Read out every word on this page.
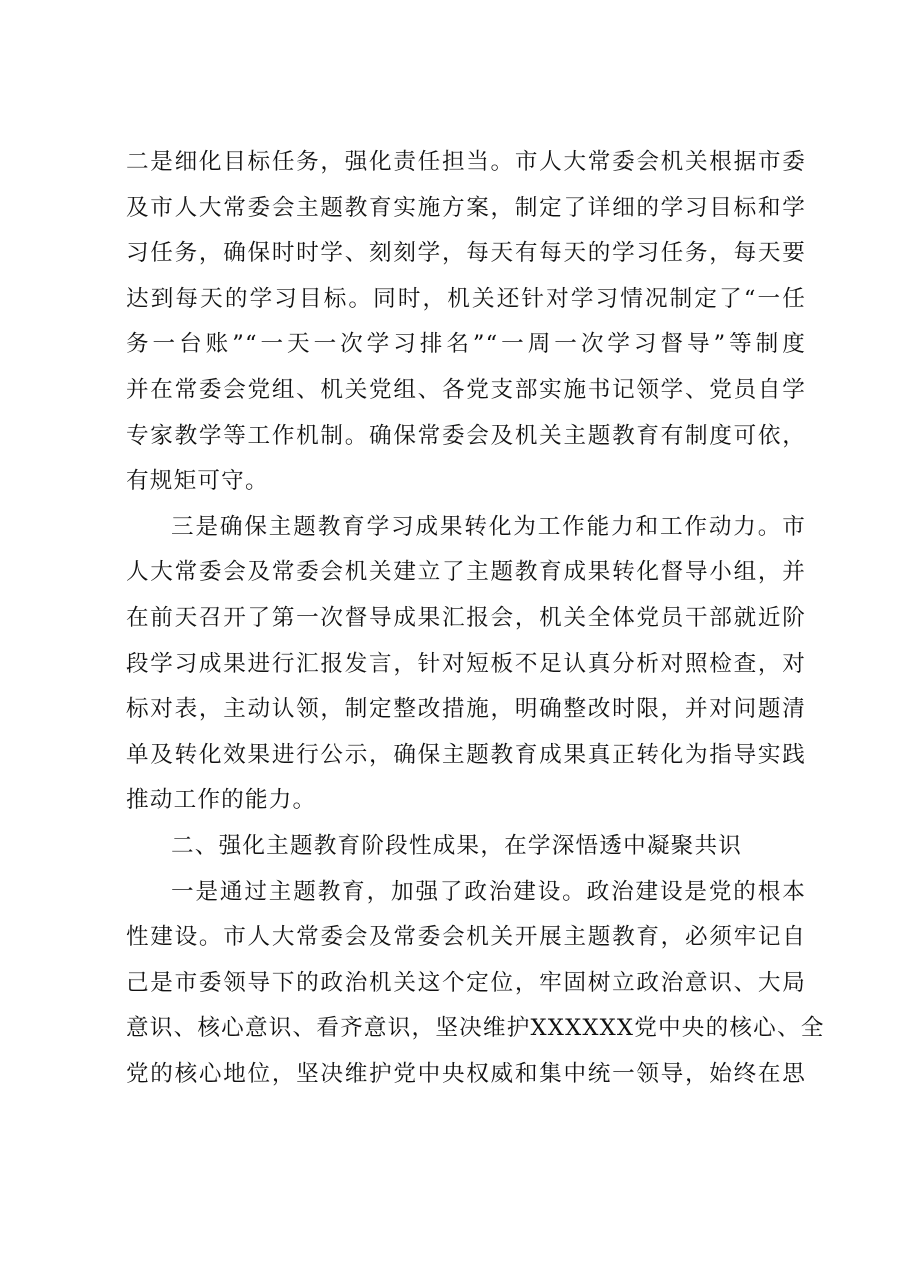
二是细化目标任务，强化责任担当。市人大常委会机关根据市委
及市人大常委会主题教育实施方案，制定了详细的学习目标和学
习任务，确保时时学、刻刻学，每天有每天的学习任务，每天要
达到每天的学习目标。同时，机关还针对学习情况制定了“一任
务一台账”“一天一次学习排名”“一周一次学习督导”等制度
并在常委会党组、机关党组、各党支部实施书记领学、党员自学
专家教学等工作机制。确保常委会及机关主题教育有制度可依，
有规矩可守。
三是确保主题教育学习成果转化为工作能力和工作动力。市
人大常委会及常委会机关建立了主题教育成果转化督导小组，并
在前天召开了第一次督导成果汇报会，机关全体党员干部就近阶
段学习成果进行汇报发言，针对短板不足认真分析对照检查，对
标对表，主动认领，制定整改措施，明确整改时限，并对问题清
单及转化效果进行公示，确保主题教育成果真正转化为指导实践
推动工作的能力。
二、强化主题教育阶段性成果，在学深悟透中凝聚共识
一是通过主题教育，加强了政治建设。政治建设是党的根本
性建设。市人大常委会及常委会机关开展主题教育，必须牢记自
己是市委领导下的政治机关这个定位，牢固树立政治意识、大局
意识、核心意识、看齐意识，坚决维护XXXXXX党中央的核心、全
党的核心地位，坚决维护党中央权威和集中统一领导，始终在思
